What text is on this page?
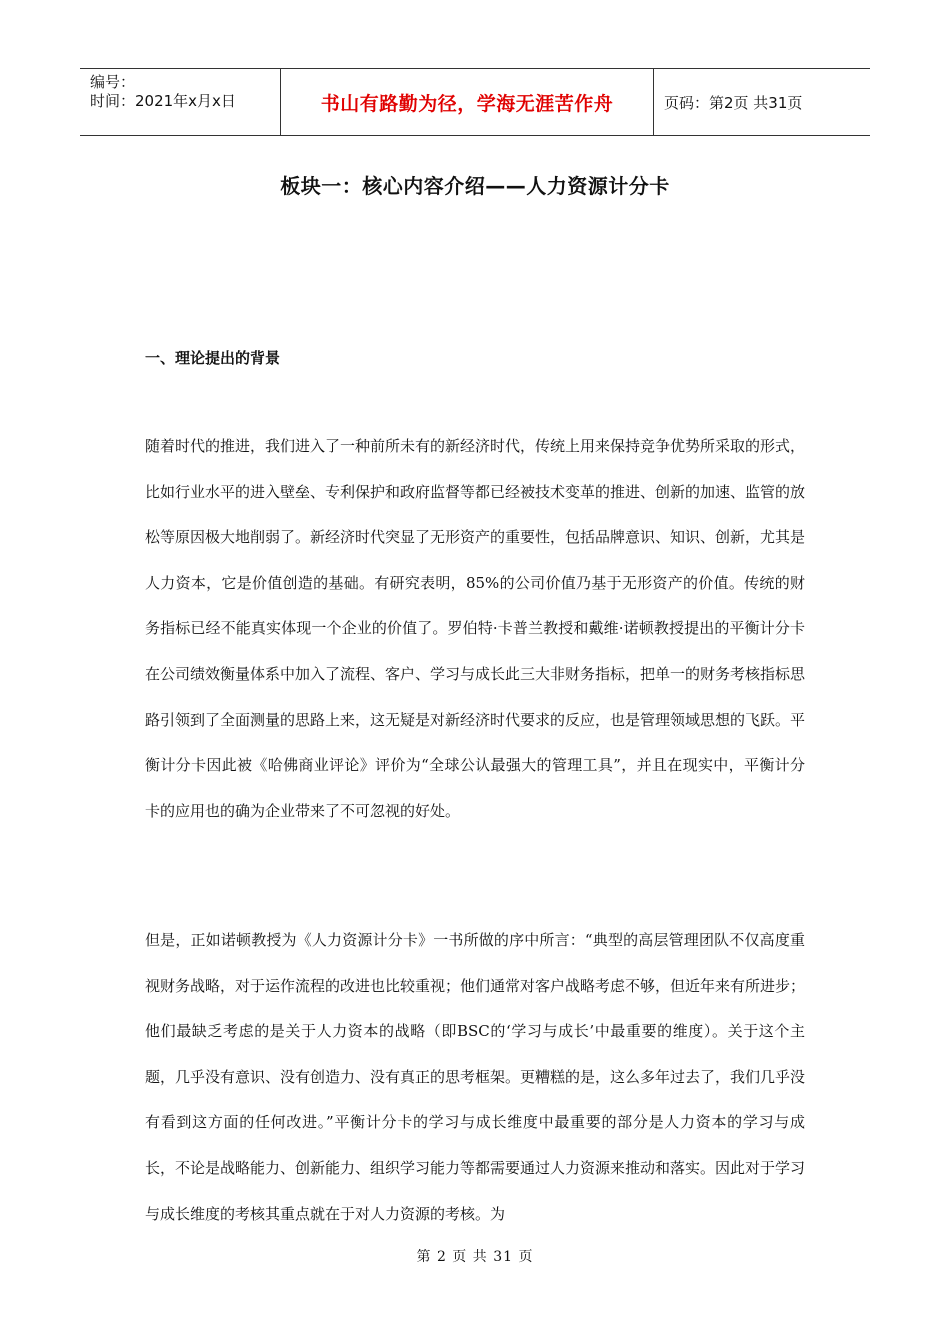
编号：
时间：2021年x月x日	书山有路勤为径，学海无涯苦作舟	页码：第2页 共31页
板块一：核心内容介绍——人力资源计分卡
一、理论提出的背景
随着时代的推进，我们进入了一种前所未有的新经济时代，传统上用来保持竞争优势所采取的形式，比如行业水平的进入壁垒、专利保护和政府监督等都已经被技术变革的推进、创新的加速、监管的放松等原因极大地削弱了。新经济时代突显了无形资产的重要性，包括品牌意识、知识、创新，尤其是人力资本，它是价值创造的基础。有研究表明，85%的公司价值乃基于无形资产的价值。传统的财务指标已经不能真实体现一个企业的价值了。罗伯特·卡普兰教授和戴维·诺顿教授提出的平衡计分卡在公司绩效衡量体系中加入了流程、客户、学习与成长此三大非财务指标，把单一的财务考核指标思路引领到了全面测量的思路上来，这无疑是对新经济时代要求的反应，也是管理领域思想的飞跃。平衡计分卡因此被《哈佛商业评论》评价为“全球公认最强大的管理工具”，并且在现实中，平衡计分卡的应用也的确为企业带来了不可忽视的好处。
但是，正如诺顿教授为《人力资源计分卡》一书所做的序中所言：“典型的高层管理团队不仅高度重视财务战略，对于运作流程的改进也比较重视；他们通常对客户战略考虑不够，但近年来有所进步；他们最缺乏考虑的是关于人力资本的战略（即BSC的‘学习与成长’中最重要的维度）。关于这个主题，几乎没有意识、没有创造力、没有真正的思考框架。更糟糕的是，这么多年过去了，我们几乎没有看到这方面的任何改进。”平衡计分卡的学习与成长维度中最重要的部分是人力资本的学习与成长，不论是战略能力、创新能力、组织学习能力等都需要通过人力资源来推动和落实。因此对于学习与成长维度的考核其重点就在于对人力资源的考核。为
第 2 页 共 31 页
